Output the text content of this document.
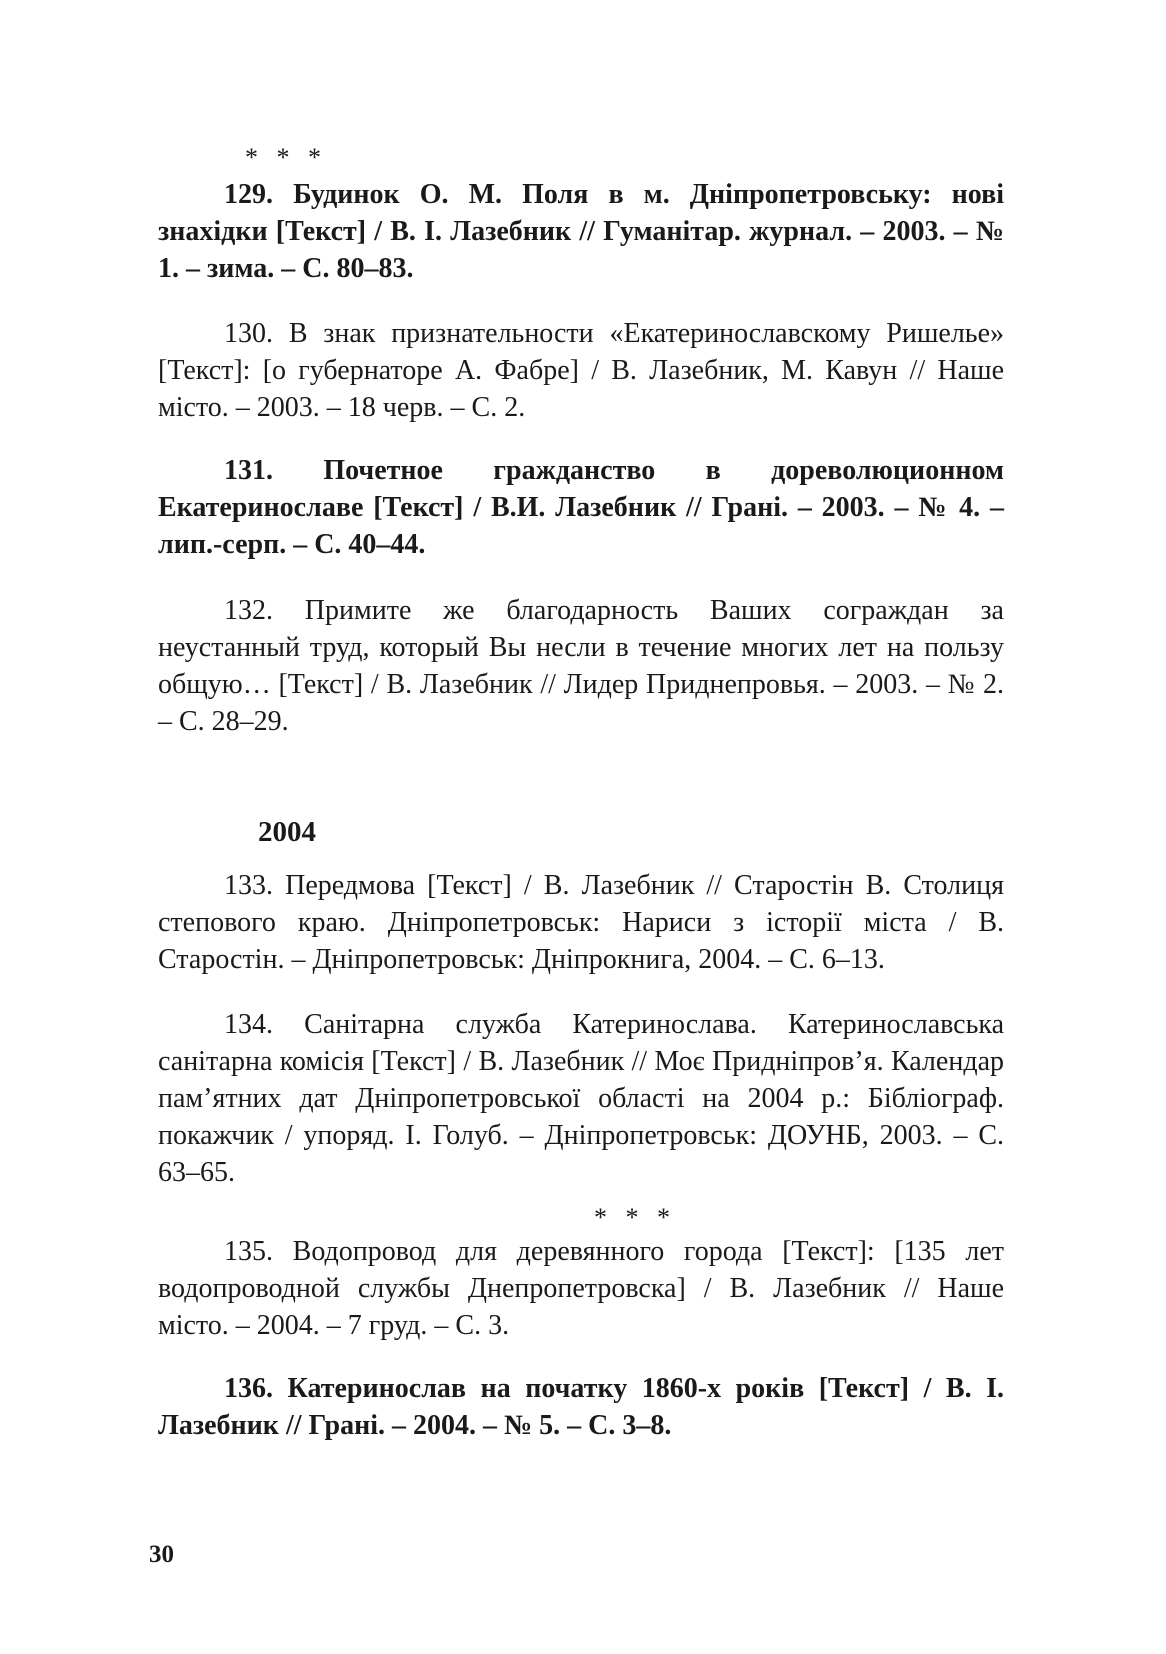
* * *

129. Будинок О. М. Поля в м. Дніпропетровську: нові знахідки [Текст] / В. І. Лазебник // Гуманітар. журнал. – 2003. – № 1. – зима. – С. 80–83.

130. В знак признательности «Екатеринославскому Ришелье» [Текст]: [о губернаторе А. Фабре] / В. Лазебник, М. Кавун // Наше місто. – 2003. – 18 черв. – С. 2.

131. Почетное гражданство в дореволюционном Екатеринославе [Текст] / В.И. Лазебник // Грані. – 2003. – № 4. – лип.-серп. – С. 40–44.

132. Примите же благодарность Ваших сограждан за неустанный труд, который Вы несли в течение многих лет на пользу общую… [Текст] / В. Лазебник // Лидер Приднепровья. – 2003. – № 2. – С. 28–29.

2004

133. Передмова [Текст] / В. Лазебник // Старостін В. Столиця степового краю. Дніпропетровськ: Нариси з історії міста / В. Старостін. – Дніпропетровськ: Дніпрокнига, 2004. – С. 6–13.

134. Санітарна служба Катеринослава. Катеринославська санітарна комісія [Текст] / В. Лазебник // Моє Придніпров’я. Календар пам’ятних дат Дніпропетровської області на 2004 р.: Бібліограф. покажчик / упоряд. І. Голуб. – Дніпропетровськ: ДОУНБ, 2003. – С. 63–65.

* * *

135. Водопровод для деревянного города [Текст]: [135 лет водопроводной службы Днепропетровска] / В. Лазебник // Наше місто. – 2004. – 7 груд. – С. 3.

136. Катеринослав на початку 1860-х років [Текст] / В. І. Лазебник // Грані. – 2004. – № 5. – С. 3–8.

30
